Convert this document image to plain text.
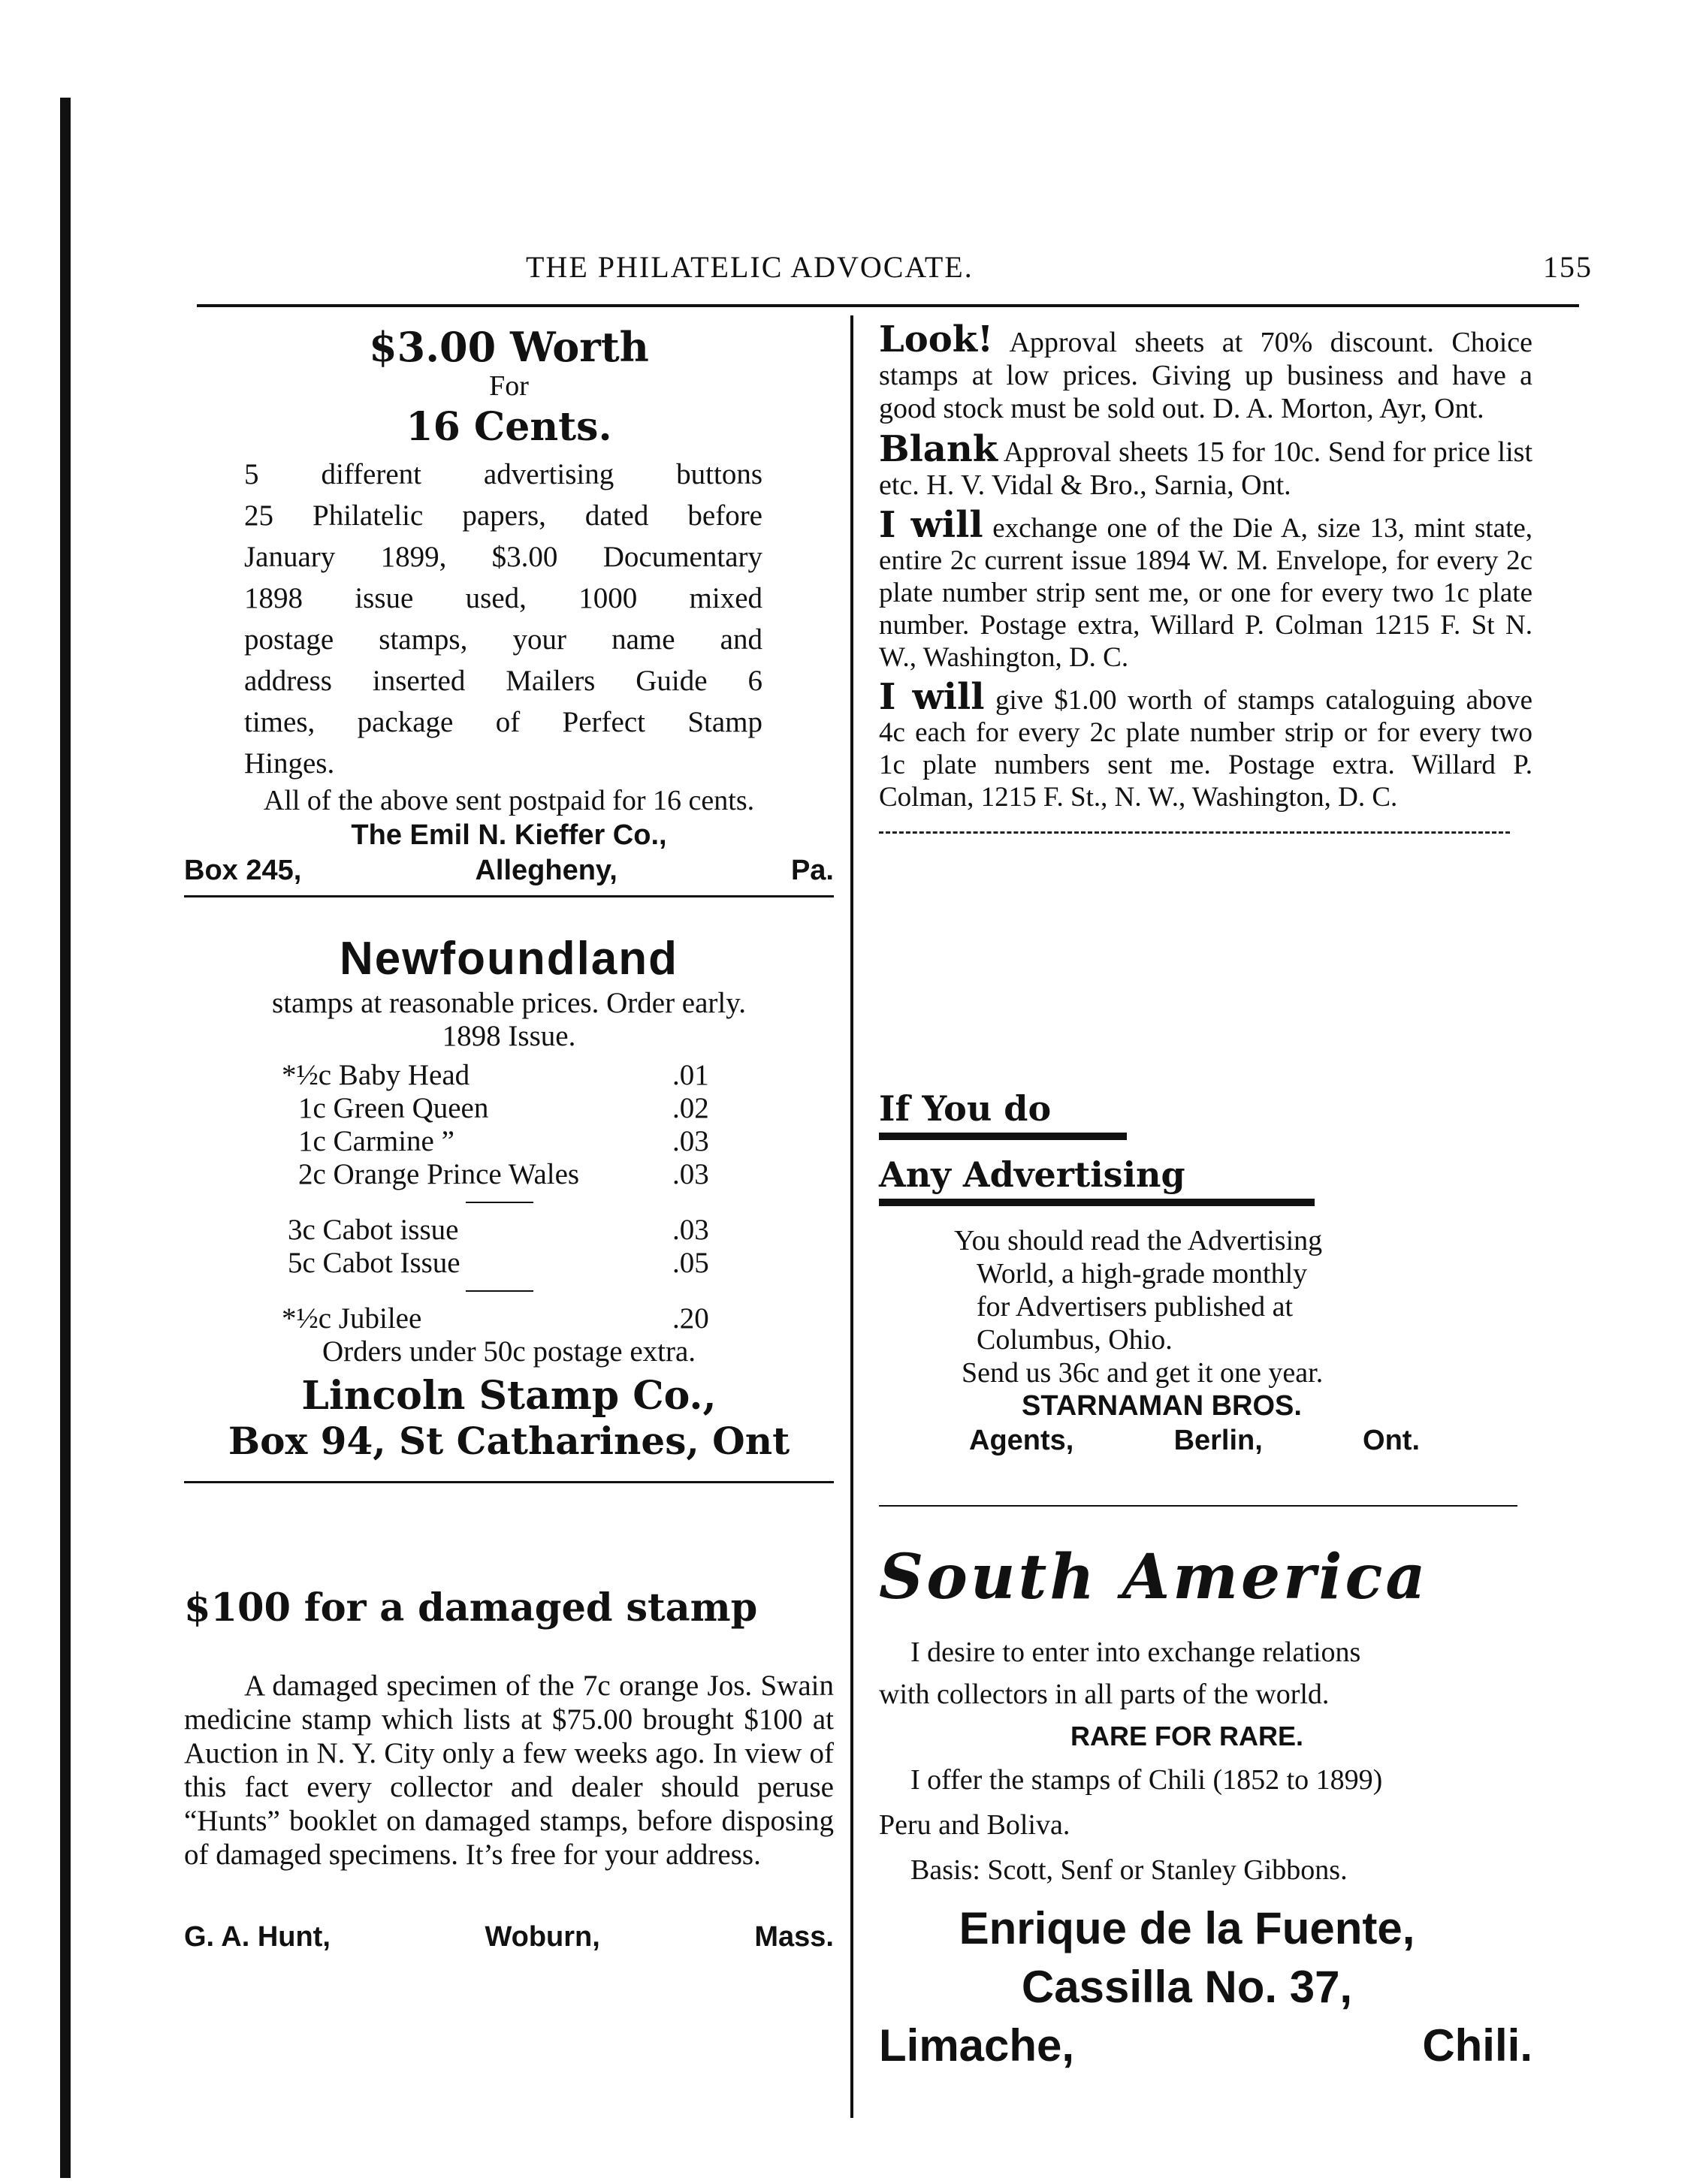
THE PHILATELIC ADVOCATE.	155
$3.00 Worth
For
16 Cents.
5 different advertising buttons
25 Philatelic papers, dated before
January 1899, $3.00 Documentary
1898 issue used, 1000 mixed
postage stamps, your name and
address inserted Mailers Guide 6
times, package of Perfect Stamp
Hinges.
All of the above sent postpaid for 16 cents.
The Emil N. Kieffer Co.,
Box 245,	Allegheny,	Pa.
Newfoundland
stamps at reasonable prices. Order early.
1898 Issue.
*½c Baby Head	.01
1c Green Queen	.02
1c Carmine ”	.03
2c Orange Prince Wales	.03
3c Cabot issue	.03
5c Cabot Issue	.05
*½c Jubilee	.20
Orders under 50c postage extra.
Lincoln Stamp Co.,
Box 94, St Catharines, Ont
$100 for a damaged stamp

A damaged specimen of the 7c orange Jos. Swain medicine stamp which lists at $75.00 brought $100 at Auction in N. Y. City only a few weeks ago. In view of this fact every collector and dealer should peruse “Hunts” booklet on damaged stamps, before disposing of damaged specimens. It’s free for your address.

G. A. Hunt,	Woburn,	Mass.

Look! Approval sheets at 70% discount. Choice stamps at low prices. Giving up business and have a good stock must be sold out. D. A. Morton, Ayr, Ont.

Blank Approval sheets 15 for 10c. Send for price list etc. H. V. Vidal & Bro., Sarnia, Ont.

I will exchange one of the Die A, size 13, mint state, entire 2c current issue 1894 W. M. Envelope, for every 2c plate number strip sent me, or one for every two 1c plate number. Postage extra, Willard P. Colman 1215 F. St N. W., Washington, D. C.

I will give $1.00 worth of stamps cataloguing above 4c each for every 2c plate number strip or for every two 1c plate numbers sent me. Postage extra. Willard P. Colman, 1215 F. St., N. W., Washington, D. C.

If You do
Any Advertising
You should read the Advertising
World, a high-grade monthly
for Advertisers published at
Columbus, Ohio.
Send us 36c and get it one year.
STARNAMAN BROS.
Agents,	Berlin,	Ont.
South America
I desire to enter into exchange relations
with collectors in all parts of the world.
RARE FOR RARE.
I offer the stamps of Chili (1852 to 1899)
Peru and Boliva.
Basis: Scott, Senf or Stanley Gibbons.
Enrique de la Fuente,
Cassilla No. 37,
Limache,	Chili.
